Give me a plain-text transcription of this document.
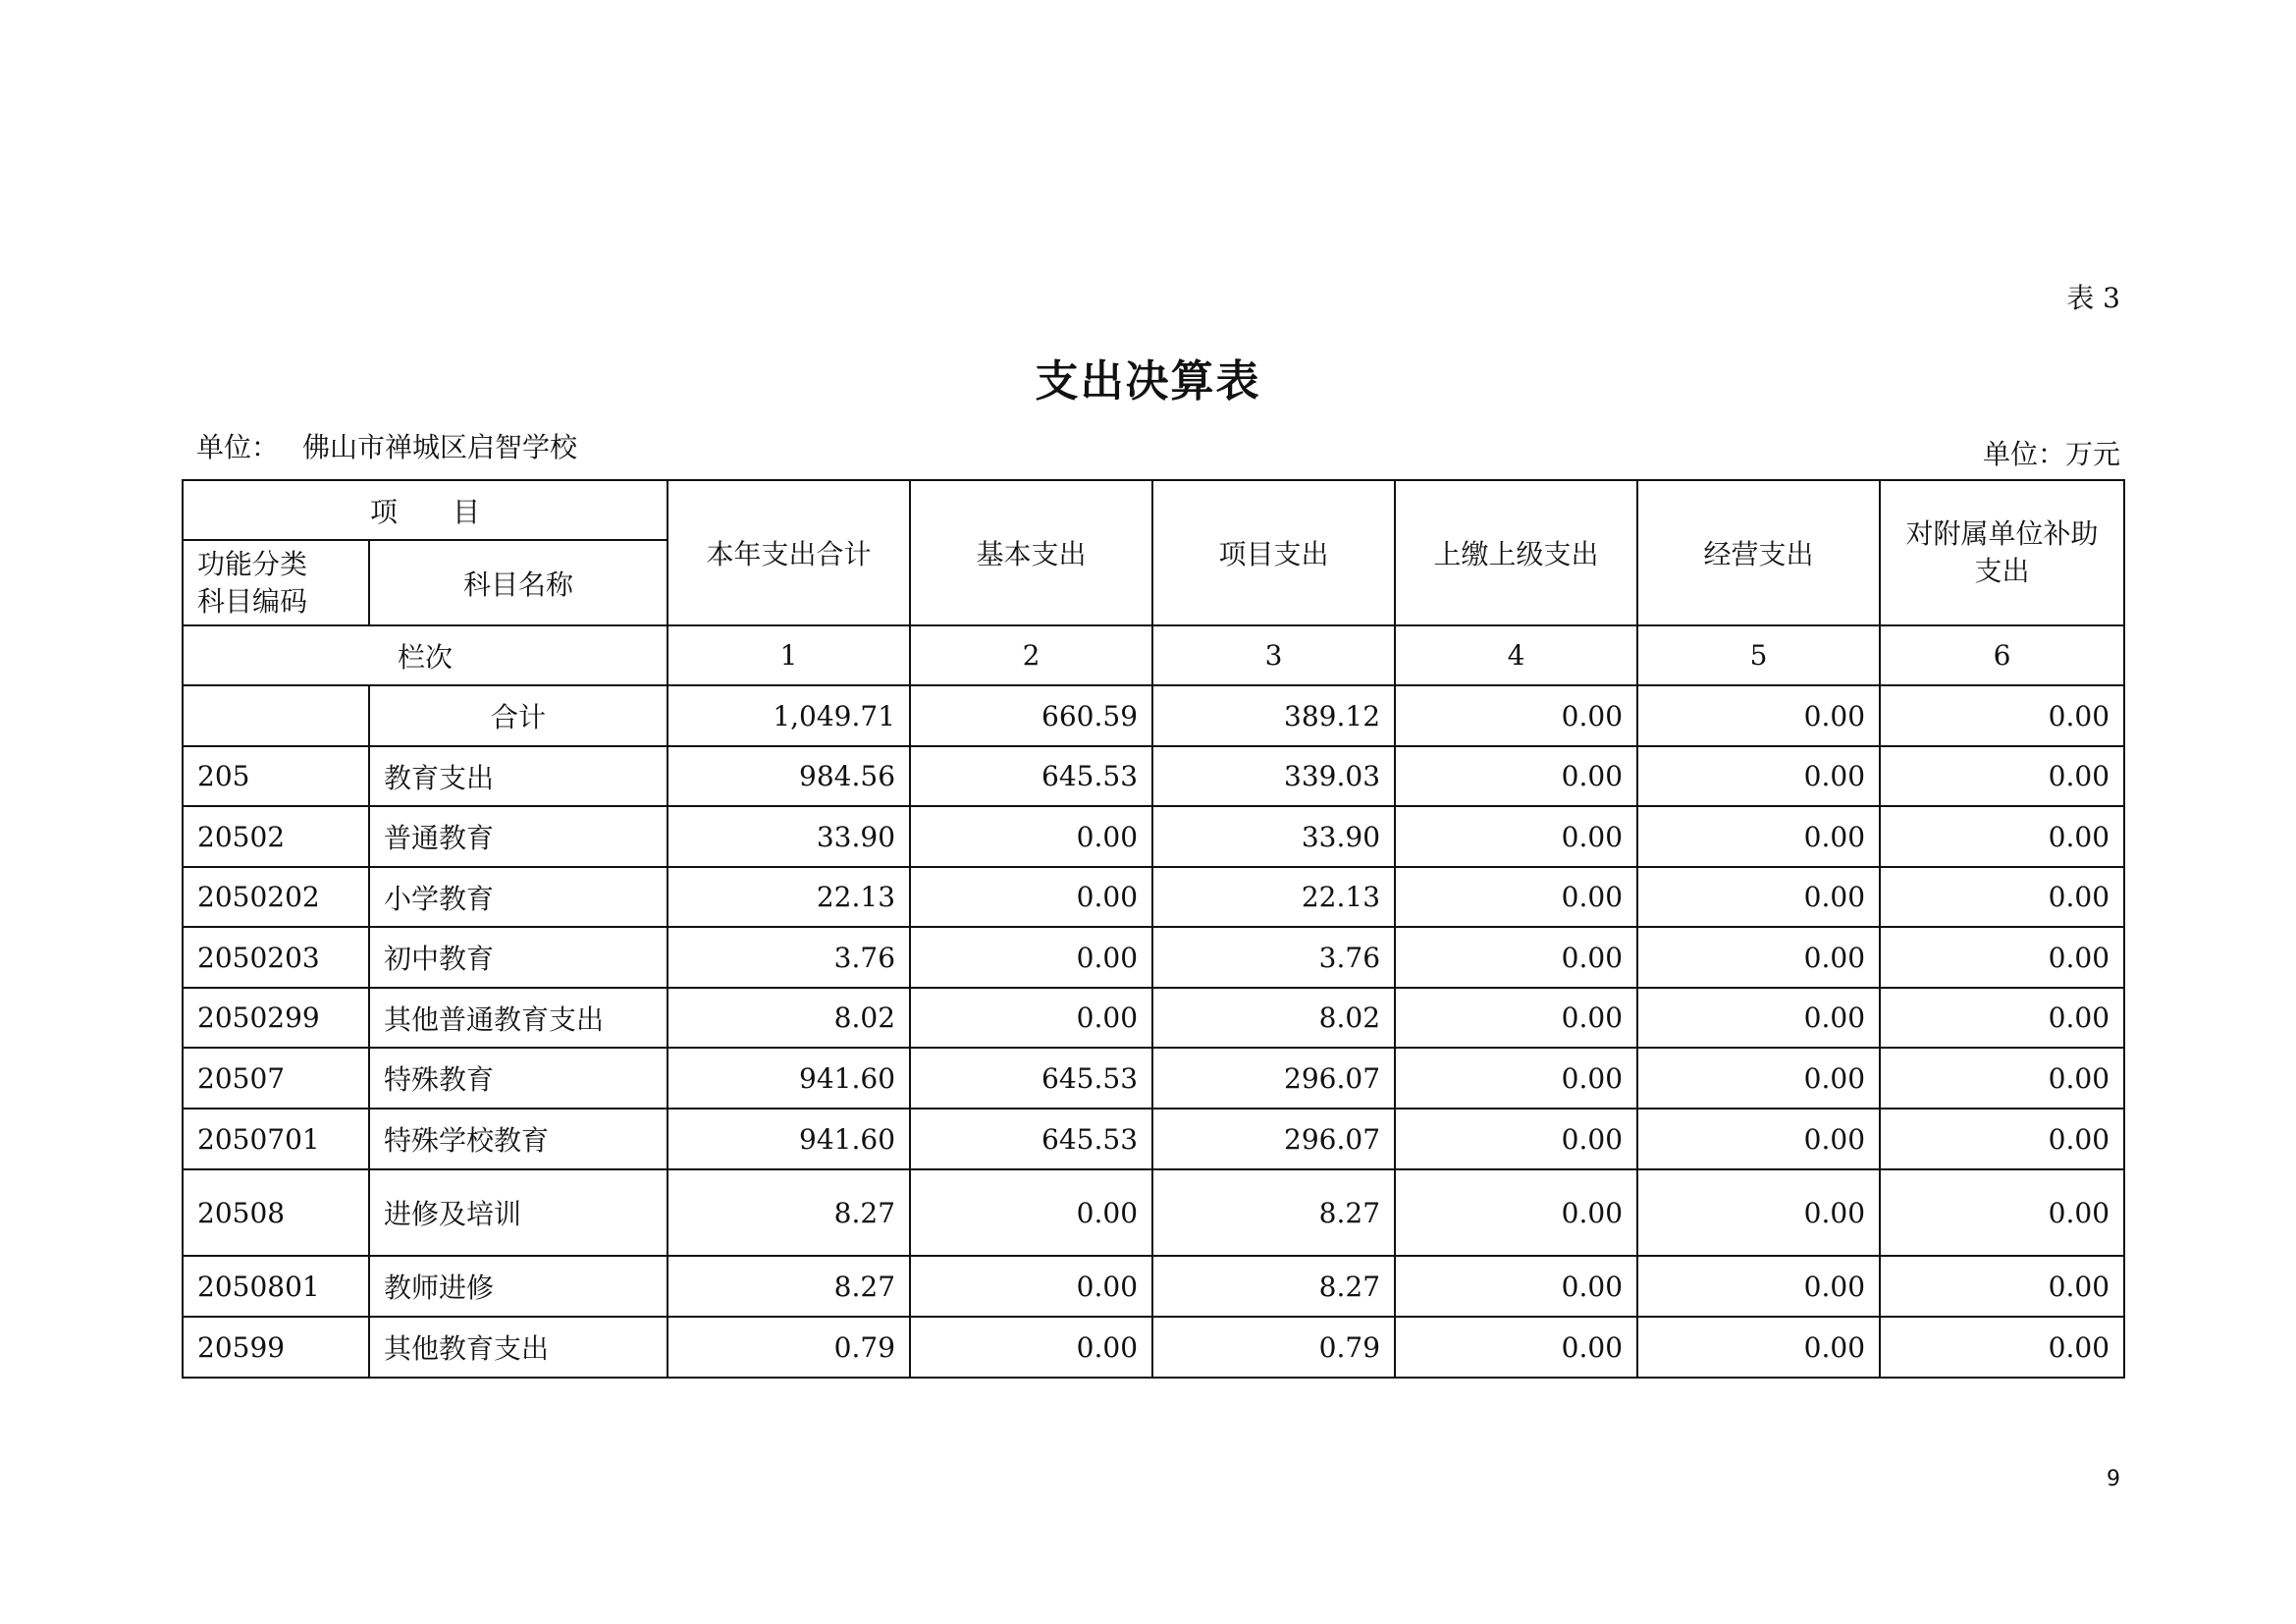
表 3
支出决算表
单位： 佛山市禅城区启智学校	单位：万元
项　　目		本年支出合计	基本支出	项目支出	上缴上级支出	经营支出	对附属单位补助支出
功能分类科目编码	科目名称						
栏次		1	2	3	4	5	6
	合计	1,049.71	660.59	389.12	0.00	0.00	0.00
205	教育支出	984.56	645.53	339.03	0.00	0.00	0.00
20502	普通教育	33.90	0.00	33.90	0.00	0.00	0.00
2050202	小学教育	22.13	0.00	22.13	0.00	0.00	0.00
2050203	初中教育	3.76	0.00	3.76	0.00	0.00	0.00
2050299	其他普通教育支出	8.02	0.00	8.02	0.00	0.00	0.00
20507	特殊教育	941.60	645.53	296.07	0.00	0.00	0.00
2050701	特殊学校教育	941.60	645.53	296.07	0.00	0.00	0.00
20508	进修及培训	8.27	0.00	8.27	0.00	0.00	0.00
2050801	教师进修	8.27	0.00	8.27	0.00	0.00	0.00
20599	其他教育支出	0.79	0.00	0.79	0.00	0.00	0.00
9
